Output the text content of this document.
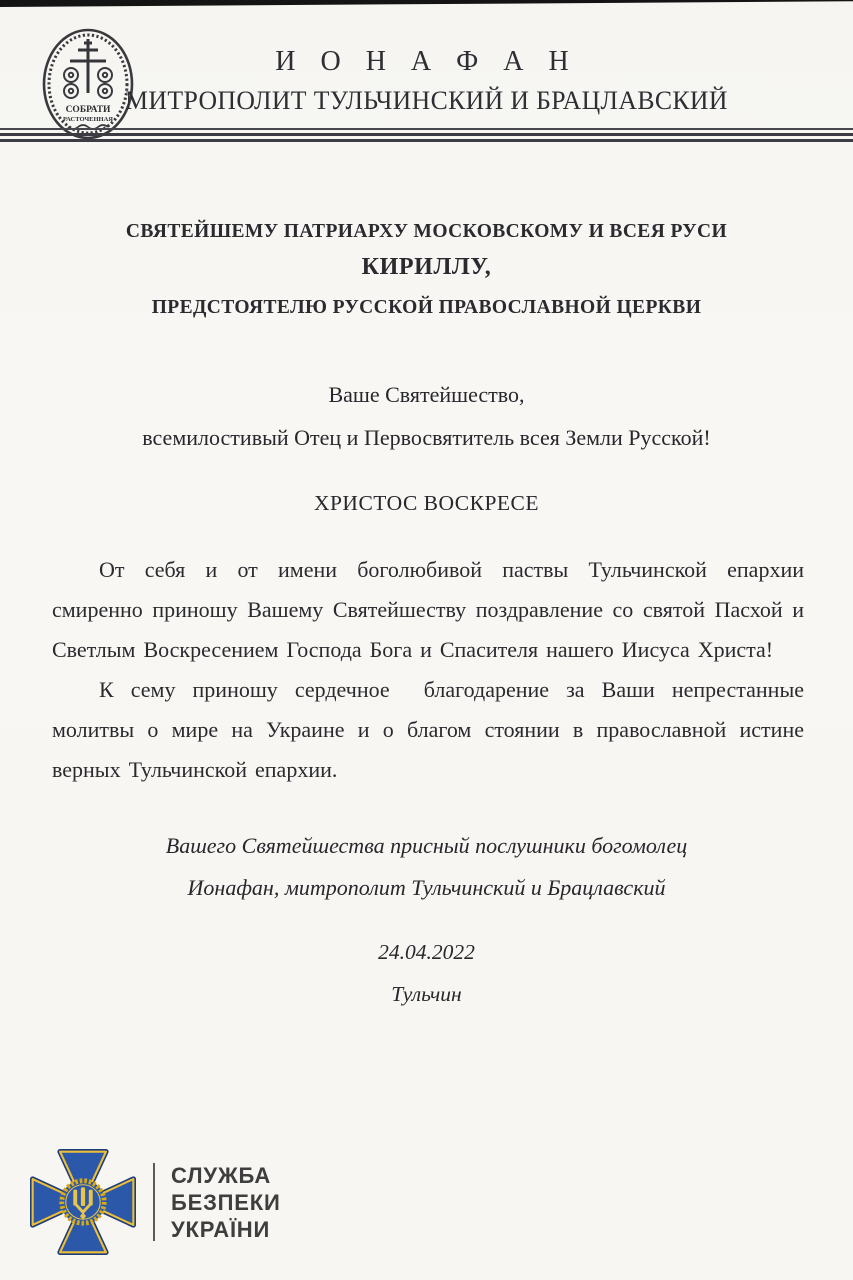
СОБРАТИ
РАСТОЧЕННАЯ
И О Н А Ф А Н
МИТРОПОЛИТ ТУЛЬЧИНСКИЙ И БРАЦЛАВСКИЙ
СВЯТЕЙШЕМУ ПАТРИАРХУ МОСКОВСКОМУ И ВСЕЯ РУСИ
КИРИЛЛУ,
ПРЕДСТОЯТЕЛЮ РУССКОЙ ПРАВОСЛАВНОЙ ЦЕРКВИ
Ваше Святейшество,
всемилостивый Отец и Первосвятитель всея Земли Русской!
ХРИСТОС ВОСКРЕСЕ

От себя и от имени боголюбивой паствы Тульчинской епархии смиренно приношу Вашему Святейшеству поздравление со святой Пасхой и Светлым Воскресением Господа Бога и Спасителя нашего Иисуса Христа!

К сему приношу сердечное  благодарение за Ваши непрестанные молитвы о мире на Украине и о благом стоянии в православной истине верных Тульчинской епархии.

Вашего Святейшества присный послушники богомолец
Ионафан, митрополит Тульчинский и Брацлавский
24.04.2022
Тульчин
СЛУЖБА
БЕЗПЕКИ
УКРАЇНИ
